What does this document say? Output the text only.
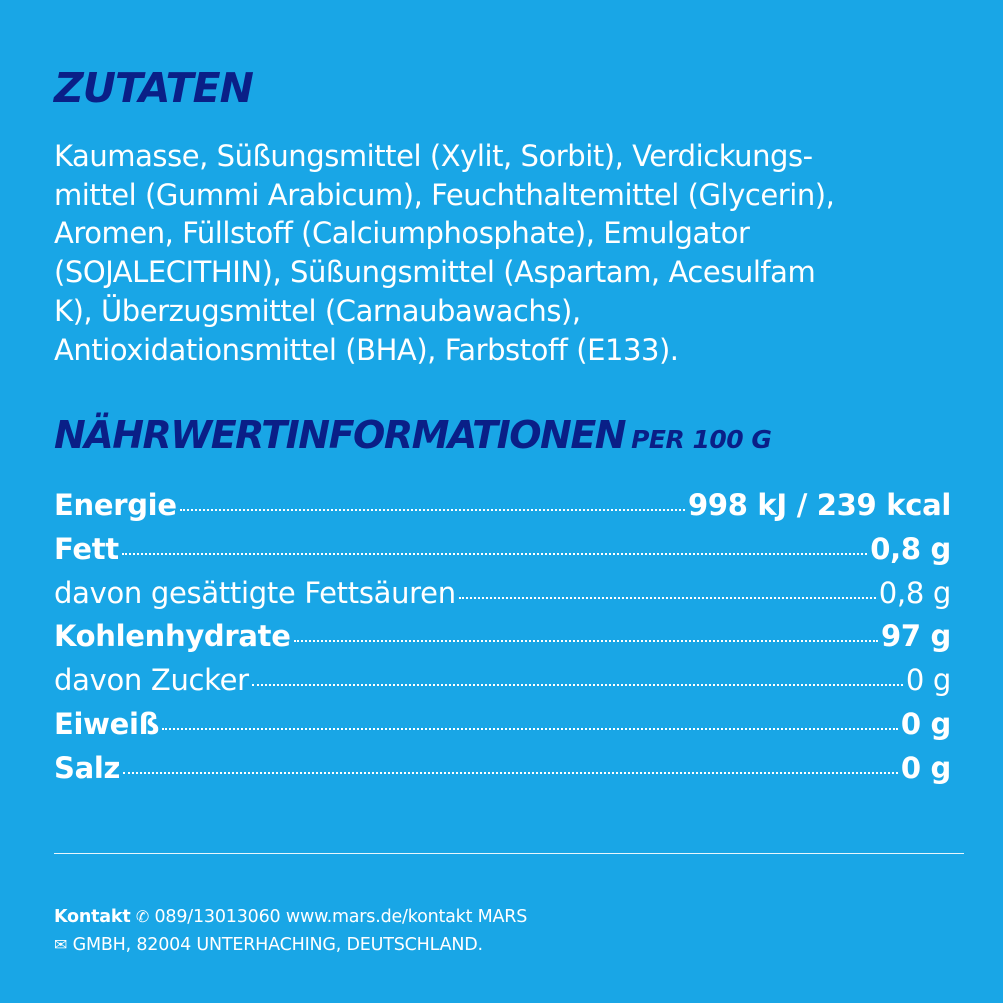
ZUTATEN

Kaumasse, Süßungsmittel (Xylit, Sorbit), Verdickungs-
mittel (Gummi Arabicum), Feuchthaltemittel (Glycerin),
Aromen, Füllstoff (Calciumphosphate), Emulgator
(SOJALECITHIN), Süßungsmittel (Aspartam, Acesulfam
K), Überzugsmittel (Carnaubawachs),
Antioxidationsmittel (BHA), Farbstoff (E133).

NÄHRWERTINFORMATIONEN PER 100 G
Energie	998 kJ / 239 kcal
Fett	0,8 g
davon gesättigte Fettsäuren	0,8 g
Kohlenhydrate	97 g
davon Zucker	0 g
Eiweiß	0 g
Salz	0 g
Kontakt ✆ 089/13013060 www.mars.de/kontakt MARS
✉ GMBH, 82004 UNTERHACHING, DEUTSCHLAND.
